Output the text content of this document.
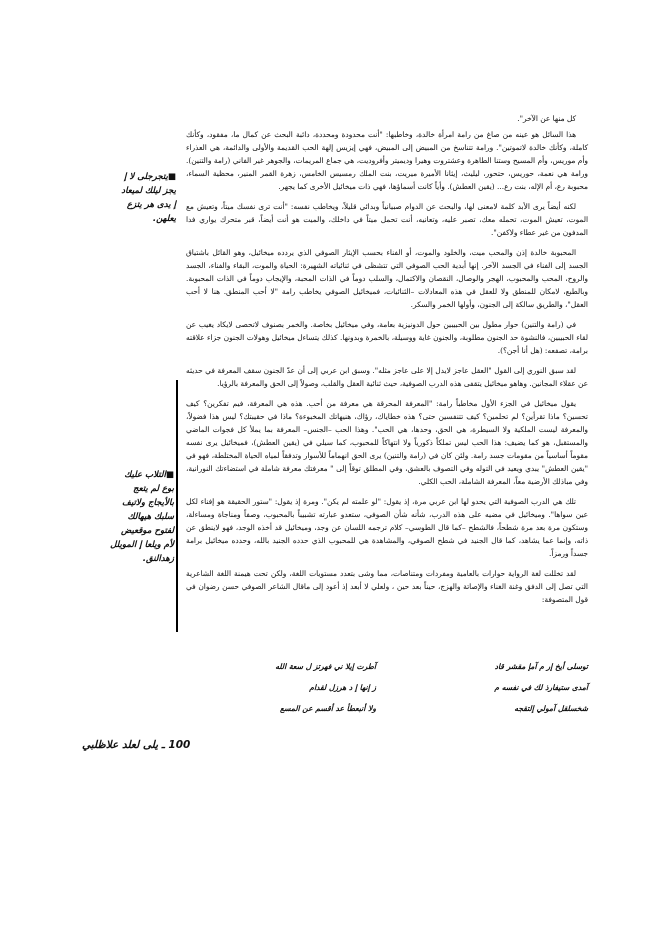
كل منها عن الآخر".

هذا السائل هو عينه من صاغ من رامة امرأة خالدة، وخاطبها: "أنت محدودة ومحددة، دائبة البحث عن كمال ما، مفقود، وكأنك كاملة، وكأنك خالدة لاتموتين". ورامة تتناسخ من المبيض إلى المبيض، فهي إيزيس إلهة الحب القديمة والأولى والدائمة، هي العذراء وأم موريس، وأم المسيح وستنا الطاهرة وعشتروت وهيرا وديميتر وأفروديت، هي جماع المريمات، والجوهر غير الفاني (رامة والتنين). ورامة هي نعمة، حوريس، حتحور، ليليث، إيثانا الأميرة ميريت، بنت الملك رمسيس الخامس، زهرة القمر المنير، محظية السماء، محبوبة رع، أم الإله، بنت رع... (يقين العطش). وأياً كانت أسماؤها، فهي ذات ميخائيل الأخرى كما يجهر.

لكنه أيضاً يرى الأبد كلمة لامعنى لها، والبحث عن الدوام صبيانياً وبدائي قليلاً، ويخاطب نفسه: "أنت ترى نفسك ميتاً، وتعيش مع الموت، تعيش الموت، تحمله معك، تصبر عليه، وتعانيه، أنت تحمل ميتاً في داخلك، والميت هو أنت أيضاً، قبر متحرك يواري فدا المدفون من غير عطاء ولاكفن".

المحبوبة خالدة إذن والمحب ميت، والخلود والموت، أو الفناء بحسب الإيثار الصوفي الذي يردده ميخائيل، وهو القائل باشتياق الجسد إلى الفناء في الجسد الآخر. إنها أبدية الحب الصوفي التي تتشظى في ثنائياته الشهيرة: الحياة والموت، البقاء والفناء، الجسد والروح، المحب والمحبوب، الهجر والوصال، النقصان والاكتمال، والسلب دوماً في الذات المحبة، والإيجاب دوماً في الذات المحبوبة. وبالطبع، لامكان للمنطق ولا للعقل في هذه المعادلات –الثنائيات، فميخائيل الصوفي يخاطب رامة "لا أحب المنطق. هنا لا أحب العقل"، والطريق سالكة إلى الجنون، وأولها الخمر والسكر.

في (رامة والتنين) حوار مطول بين الحبيبين حول الدونيزية بعامة، وفي ميخائيل بخاصة. والخمر بصنوف لاتحصى لايكاد يغيب عن لقاء الحبيبين، فالنشوة حد الجنون مطلوبة، والجنون غاية ووسيلة، بالخمرة وبدونها. كذلك يتساءل ميخائيل وهولات الجنون جزاء علاقته برامة، تصفعه: (هل أنا أجن؟).

لقد سبق النوري إلى القول "العقل عاجز لايدل إلا على عاجز مثله". وسبق ابن عربي إلى أن عدّ الجنون سقف المعرفة في حديثه عن عقلاء المجانين. وهاهو ميخائيل يتقفى هذه الدرب الصوفية، حيث ثنائية العقل والقلب، وصولاً إلى الحق والمعرفة بالرؤيا.

يقول ميخائيل في الجزء الأول مخاطباً رامة: "المعرفة المحرقة هي معرفة من أحب. هذه هي المعرفة، فيم تفكرين؟ كيف تحسين؟ ماذا تقرأين؟ لم تحلمين؟ كيف تتنفسين حتى؟ هذه خطاياك، رؤاك، هنيهاتك المخبوءة؟ ماذا في حقيبتك؟ ليس هذا فضولاً، والمعرفة ليست الملكية ولا السيطرة، هي الحق، وحدها، هي الحب". وهذا الحب –الجنس– المعرفة بما يملأ كل فجوات الماضي والمستقبل، هو كما يضيف: هذا الحب ليس تملكاً ذكورياً ولا انتهاكاً للمحبوب، كما سيلي في (يقين العطش)، فميخائيل يرى نفسه مقوماً أساسياً من مقومات جسد رامة. ولئن كان في (رامة والتنين) يرى الحق انهماماً للأسوار وتدفقاً لمياه الحياة المختلطة، فهو في "يقين العطش" يبدي ويعيد في التوله وفي التصوف بالعشق، وفي المطلق توقاً إلى " معرفتك معرفة شاملة في استضاءتك النورانية، وفي مباذلك الأرضية معاً، المعرفة الشاملة، الحب الكلي.

تلك هي الدرب الصوفية التي يحدو لها ابن عربي مرة، إذ يقول: "لو علمته لم يكن". ومرة إذ يقول: "ستور الحقيقة هو إفناء لكل عين سواها". وميخائيل في مضيه على هذه الدرب، شأنه شأن الصوفي، ستعدو عبارته تشبيباً بالمحبوب، وصفاً ومناجاة ومساءلة، وستكون مرة بعد مرة شطحاً، فالشطح –كما قال الطوسي– كلام ترجمه اللسان عن وجد، وميخائيل قد أخذه الوجد، فهو لاينطق عن ذاته، وإنما عما يشاهد، كما قال الجنيد في شطح الصوفي، والمشاهدة هي للمحبوب الذي حدده الجنيد بالله، وحدده ميخائيل برامة جسداً ورمزاً.

لقد تخللت لغة الرواية حوارات بالعامية ومفردات ومتناصات، مما وشى بتعدد مستويات اللغة، ولكن تحت هيمنة اللغة الشاعرية التي تصل إلى الدفق وغنة الغناء والإصاتة والهزج، حيناً بعد حين ، ولعلي لا أبعد إذ أعود إلى ماقال الشاعر الصوفي حسن رضوان في قول المتصوفة:

■يتجرجلى لا إ يجز ليلك لميعاد إ يدى هر يتزع يعلهن.
■التلاب عليك بوع لم يتعج بالأيجاج ولاتيف سلبك هيهالك لفتوح موقعيض لأم ويلعا إ المويلل زهدالنق.
توسلى أيخ إر م آمإ مقشر قاد
آطرت إيلا ني فهرتز ل سعة الله
آمدى ستيفارذ لك في نفسه م
ز إنها إ د هرزل لقدام
شخسلقل آمولي إلتقجه
ولا أنبعطأ عد أقسم عن المسع
100 ـ يلى لعلد علاظلبي
